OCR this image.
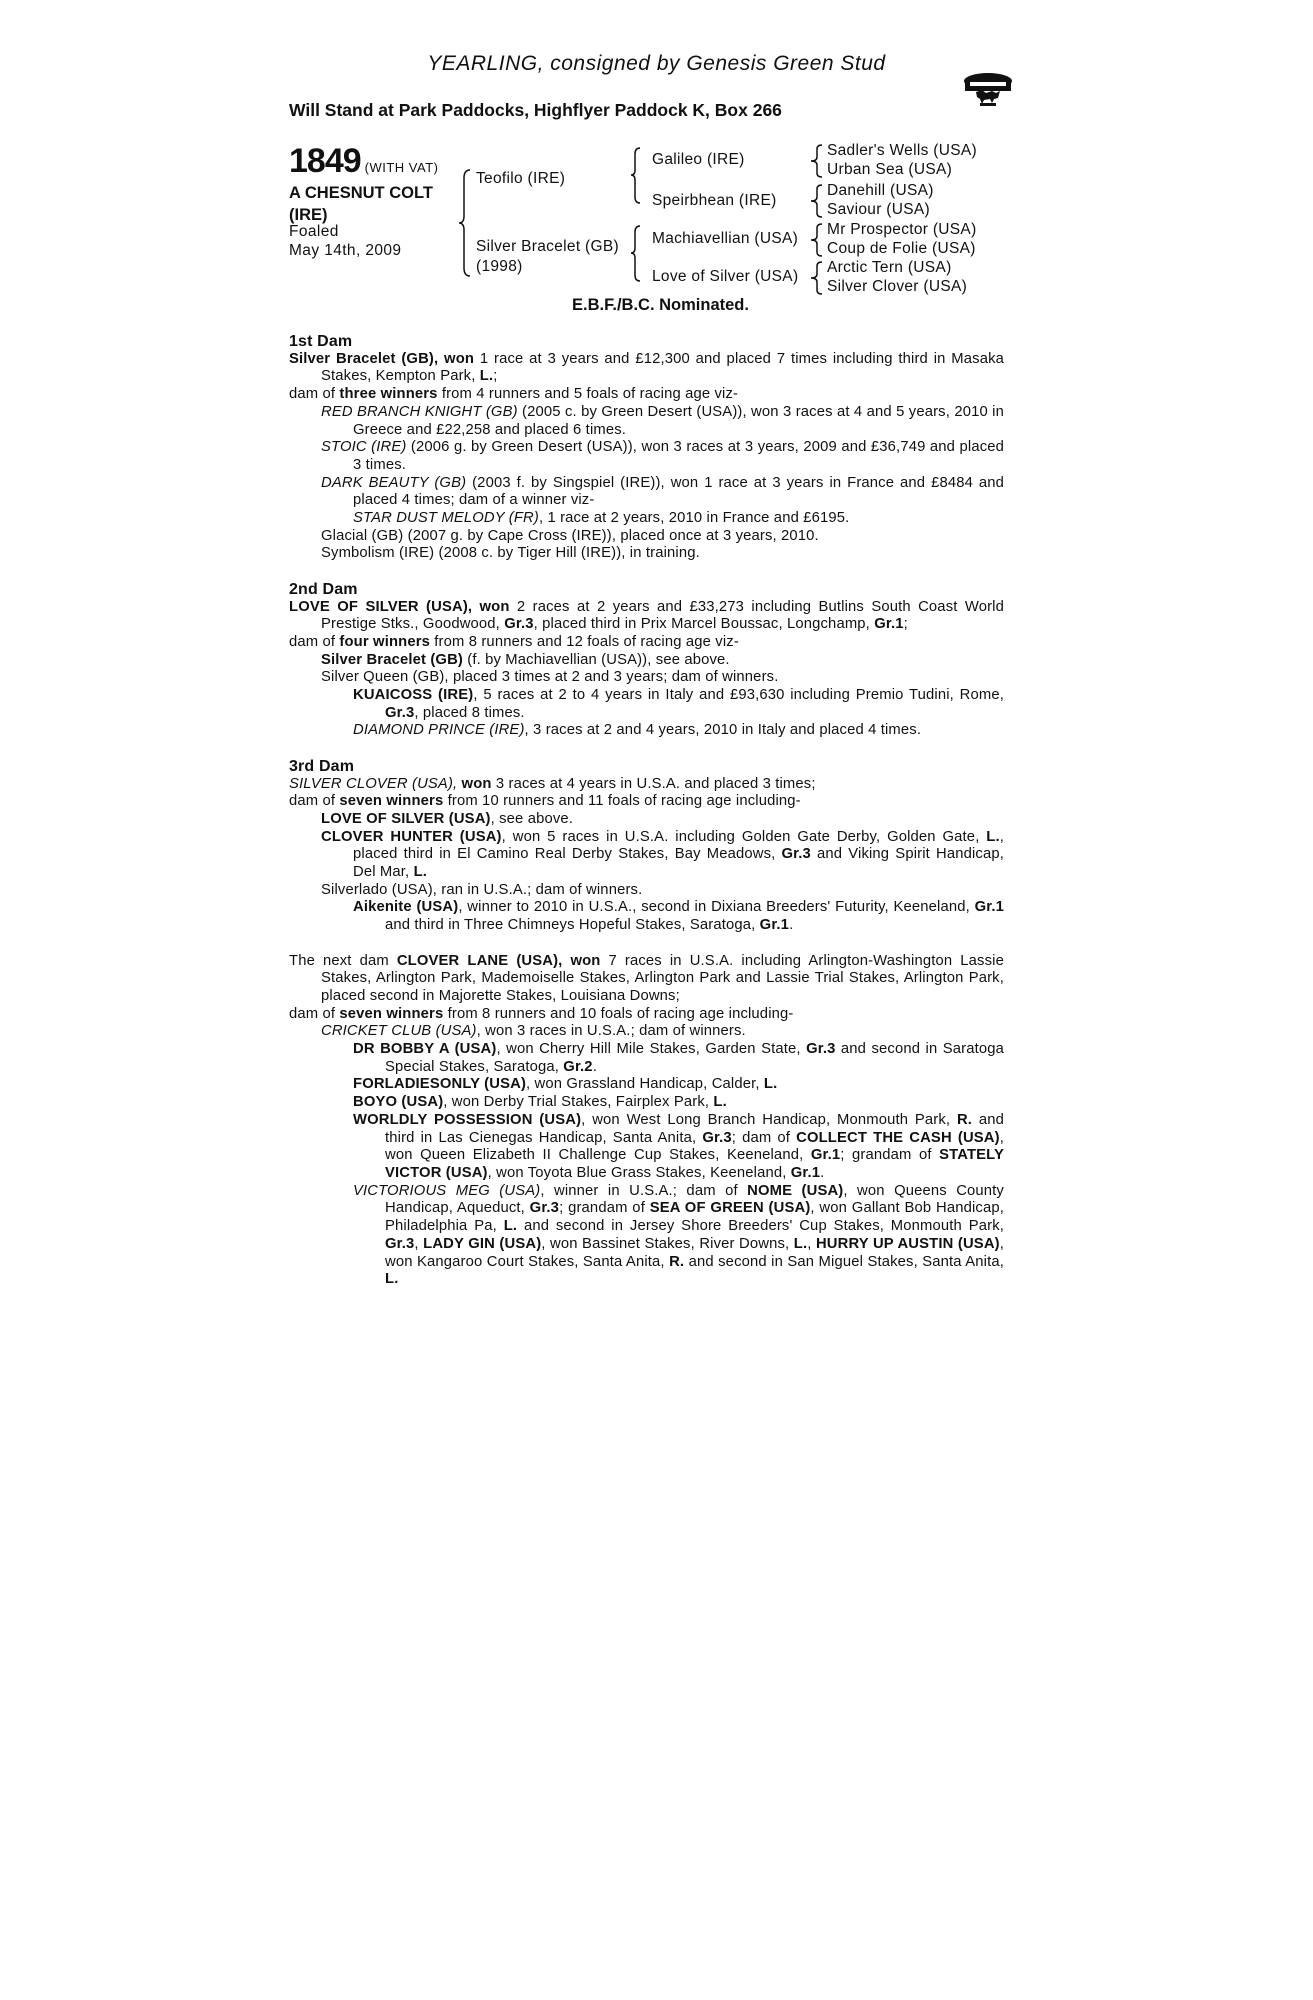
YEARLING, consigned by Genesis Green Stud
Will Stand at Park Paddocks, Highflyer Paddock K, Box 266
1849 (WITH VAT)
A CHESNUT COLT
(IRE)
Foaled
May 14th, 2009
Teofilo (IRE)
Silver Bracelet (GB)
(1998)
Galileo (IRE)
Speirbhean (IRE)
Machiavellian (USA)
Love of Silver (USA)
Sadler's Wells (USA)
Urban Sea (USA)
Danehill (USA)
Saviour (USA)
Mr Prospector (USA)
Coup de Folie (USA)
Arctic Tern (USA)
Silver Clover (USA)
E.B.F./B.C. Nominated.

1st Dam

Silver Bracelet (GB), won 1 race at 3 years and £12,300 and placed 7 times including third in Masaka Stakes, Kempton Park, L.;

dam of three winners from 4 runners and 5 foals of racing age viz-

RED BRANCH KNIGHT (GB) (2005 c. by Green Desert (USA)), won 3 races at 4 and 5 years, 2010 in Greece and £22,258 and placed 6 times.

STOIC (IRE) (2006 g. by Green Desert (USA)), won 3 races at 3 years, 2009 and £36,749 and placed 3 times.

DARK BEAUTY (GB) (2003 f. by Singspiel (IRE)), won 1 race at 3 years in France and £8484 and placed 4 times; dam of a winner viz-

STAR DUST MELODY (FR), 1 race at 2 years, 2010 in France and £6195.

Glacial (GB) (2007 g. by Cape Cross (IRE)), placed once at 3 years, 2010.

Symbolism (IRE) (2008 c. by Tiger Hill (IRE)), in training.

2nd Dam

LOVE OF SILVER (USA), won 2 races at 2 years and £33,273 including Butlins South Coast World Prestige Stks., Goodwood, Gr.3, placed third in Prix Marcel Boussac, Longchamp, Gr.1;

dam of four winners from 8 runners and 12 foals of racing age viz-

Silver Bracelet (GB) (f. by Machiavellian (USA)), see above.

Silver Queen (GB), placed 3 times at 2 and 3 years; dam of winners.

KUAICOSS (IRE), 5 races at 2 to 4 years in Italy and £93,630 including Premio Tudini, Rome, Gr.3, placed 8 times.

DIAMOND PRINCE (IRE), 3 races at 2 and 4 years, 2010 in Italy and placed 4 times.

3rd Dam

SILVER CLOVER (USA), won 3 races at 4 years in U.S.A. and placed 3 times;

dam of seven winners from 10 runners and 11 foals of racing age including-

LOVE OF SILVER (USA), see above.

CLOVER HUNTER (USA), won 5 races in U.S.A. including Golden Gate Derby, Golden Gate, L., placed third in El Camino Real Derby Stakes, Bay Meadows, Gr.3 and Viking Spirit Handicap, Del Mar, L.

Silverlado (USA), ran in U.S.A.; dam of winners.

Aikenite (USA), winner to 2010 in U.S.A., second in Dixiana Breeders' Futurity, Keeneland, Gr.1 and third in Three Chimneys Hopeful Stakes, Saratoga, Gr.1.

The next dam CLOVER LANE (USA), won 7 races in U.S.A. including Arlington-Washington Lassie Stakes, Arlington Park, Mademoiselle Stakes, Arlington Park and Lassie Trial Stakes, Arlington Park, placed second in Majorette Stakes, Louisiana Downs;

dam of seven winners from 8 runners and 10 foals of racing age including-

CRICKET CLUB (USA), won 3 races in U.S.A.; dam of winners.

DR BOBBY A (USA), won Cherry Hill Mile Stakes, Garden State, Gr.3 and second in Saratoga Special Stakes, Saratoga, Gr.2.

FORLADIESONLY (USA), won Grassland Handicap, Calder, L.

BOYO (USA), won Derby Trial Stakes, Fairplex Park, L.

WORLDLY POSSESSION (USA), won West Long Branch Handicap, Monmouth Park, R. and third in Las Cienegas Handicap, Santa Anita, Gr.3; dam of COLLECT THE CASH (USA), won Queen Elizabeth II Challenge Cup Stakes, Keeneland, Gr.1; grandam of STATELY VICTOR (USA), won Toyota Blue Grass Stakes, Keeneland, Gr.1.

VICTORIOUS MEG (USA), winner in U.S.A.; dam of NOME (USA), won Queens County Handicap, Aqueduct, Gr.3; grandam of SEA OF GREEN (USA), won Gallant Bob Handicap, Philadelphia Pa, L. and second in Jersey Shore Breeders' Cup Stakes, Monmouth Park, Gr.3, LADY GIN (USA), won Bassinet Stakes, River Downs, L., HURRY UP AUSTIN (USA), won Kangaroo Court Stakes, Santa Anita, R. and second in San Miguel Stakes, Santa Anita, L.
